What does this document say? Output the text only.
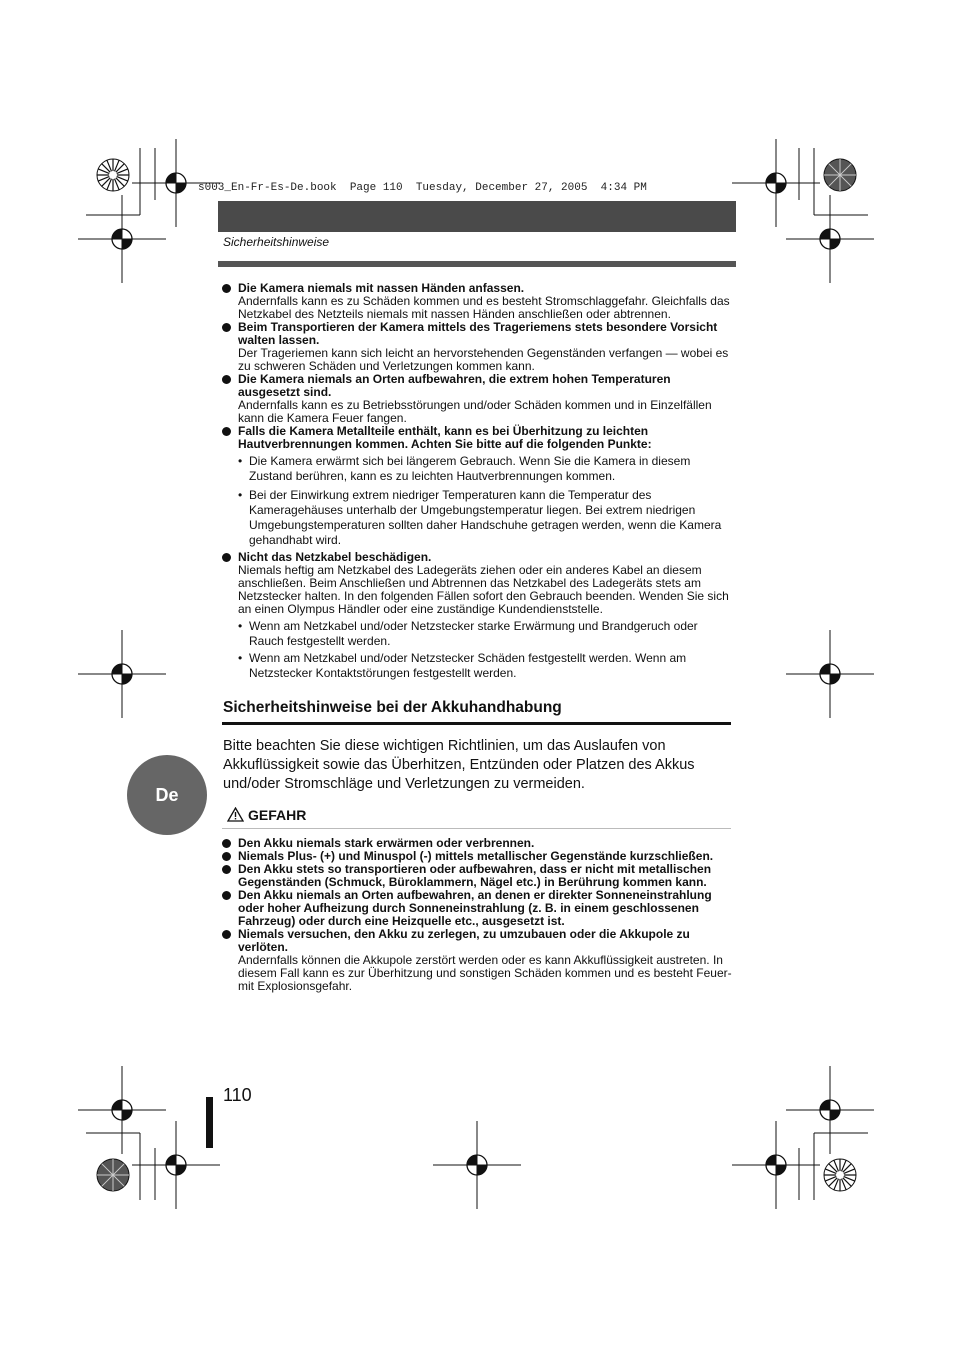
s003_En-Fr-Es-De.book  Page 110  Tuesday, December 27, 2005  4:34 PM
Sicherheitshinweise
Die Kamera niemals mit nassen Händen anfassen.
Andernfalls kann es zu Schäden kommen und es besteht Stromschlaggefahr. Gleichfalls das Netzkabel des Netzteils niemals mit nassen Händen anschließen oder abtrennen.
Beim Transportieren der Kamera mittels des Trageriemens stets besondere Vorsicht walten lassen.
Der Trageriemen kann sich leicht an hervorstehenden Gegenständen verfangen — wobei es zu schweren Schäden und Verletzungen kommen kann.
Die Kamera niemals an Orten aufbewahren, die extrem hohen Temperaturen ausgesetzt sind.
Andernfalls kann es zu Betriebsstörungen und/oder Schäden kommen und in Einzelfällen kann die Kamera Feuer fangen.
Falls die Kamera Metallteile enthält, kann es bei Überhitzung zu leichten Hautverbrennungen kommen. Achten Sie bitte auf die folgenden Punkte:
• Die Kamera erwärmt sich bei längerem Gebrauch. Wenn Sie die Kamera in diesem Zustand berühren, kann es zu leichten Hautverbrennungen kommen.
• Bei der Einwirkung extrem niedriger Temperaturen kann die Temperatur des Kameragehäuses unterhalb der Umgebungstemperatur liegen. Bei extrem niedrigen Umgebungstemperaturen sollten daher Handschuhe getragen werden, wenn die Kamera gehandhabt wird.
Nicht das Netzkabel beschädigen.
Niemals heftig am Netzkabel des Ladegeräts ziehen oder ein anderes Kabel an diesem anschließen. Beim Anschließen und Abtrennen das Netzkabel des Ladegeräts stets am Netzstecker halten. In den folgenden Fällen sofort den Gebrauch beenden. Wenden Sie sich an einen Olympus Händler oder eine zuständige Kundendienststelle.
• Wenn am Netzkabel und/oder Netzstecker starke Erwärmung und Brandgeruch oder Rauch festgestellt werden.
• Wenn am Netzkabel und/oder Netzstecker Schäden festgestellt werden. Wenn am Netzstecker Kontaktstörungen festgestellt werden.
Sicherheitshinweise bei der Akkuhandhabung
Bitte beachten Sie diese wichtigen Richtlinien, um das Auslaufen von Akkuflüssigkeit sowie das Überhitzen, Entzünden oder Platzen des Akkus und/oder Stromschläge und Verletzungen zu vermeiden.
De
GEFAHR
Den Akku niemals stark erwärmen oder verbrennen.
Niemals Plus- (+) und Minuspol (-) mittels metallischer Gegenstände kurzschließen.
Den Akku stets so transportieren oder aufbewahren, dass er nicht mit metallischen Gegenständen (Schmuck, Büroklammern, Nägel etc.) in Berührung kommen kann.
Den Akku niemals an Orten aufbewahren, an denen er direkter Sonneneinstrahlung oder hoher Aufheizung durch Sonneneinstrahlung (z. B. in einem geschlossenen Fahrzeug) oder durch eine Heizquelle etc., ausgesetzt ist.
Niemals versuchen, den Akku zu zerlegen, zu umzubauen oder die Akkupole zu verlöten.
Andernfalls können die Akkupole zerstört werden oder es kann Akkuflüssigkeit austreten. In diesem Fall kann es zur Überhitzung und sonstigen Schäden kommen und es besteht Feuer- mit Explosionsgefahr.
110
